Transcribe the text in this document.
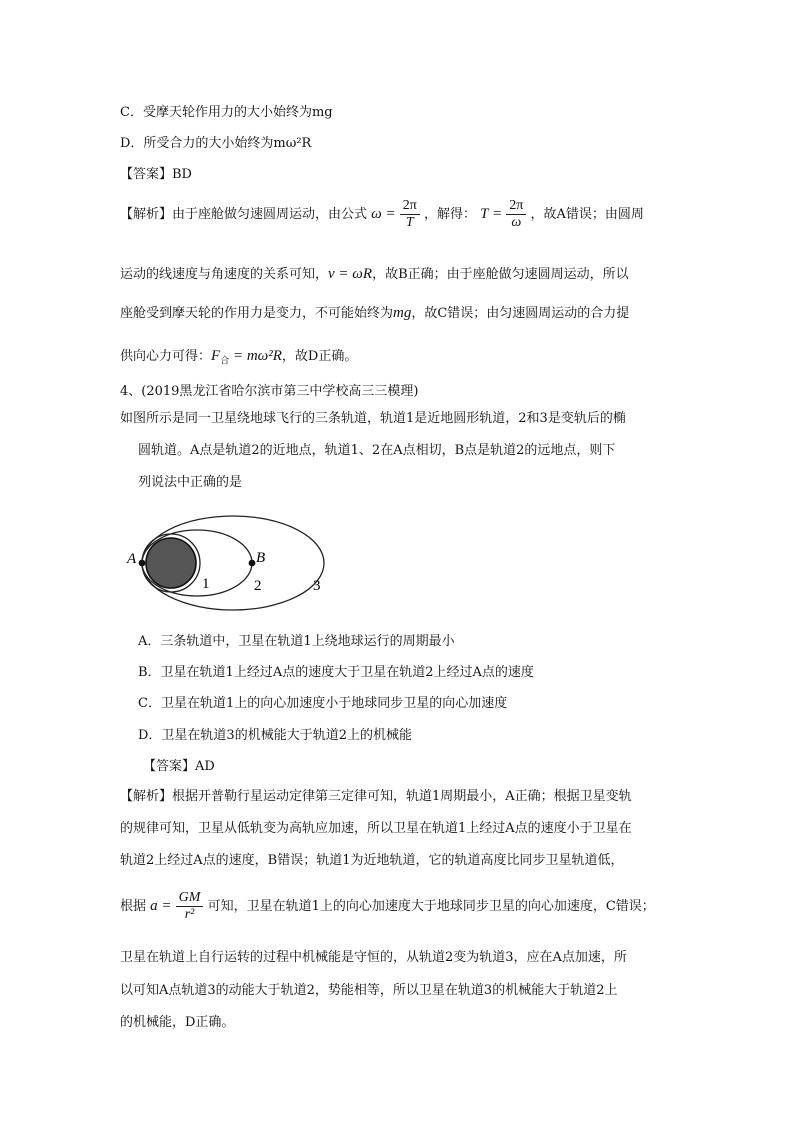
C．受摩天轮作用力的大小始终为mg
D．所受合力的大小始终为mω²R
【答案】BD
【解析】由于座舱做匀速圆周运动，由公式 $\omega = \frac{2\pi}{T}$ ，解得： $T = \frac{2\pi}{\omega}$ ，故A错误；由圆周
运动的线速度与角速度的关系可知，v = ωR，故B正确；由于座舱做匀速圆周运动，所以
座舱受到摩天轮的作用力是变力，不可能始终为mg，故C错误；由匀速圆周运动的合力提
供向心力可得：$F_合 = m\omega^2R$，故D正确。
4、(2019黑龙江省哈尔滨市第三中学校高三三模理)
如图所示是同一卫星绕地球飞行的三条轨道，轨道1是近地圆形轨道，2和3是变轨后的椭
圆轨道。A点是轨道2的近地点，轨道1、2在A点相切，B点是轨道2的远地点，则下
列说法中正确的是
A	B
1	2	3
A．三条轨道中，卫星在轨道1上绕地球运行的周期最小
B．卫星在轨道1上经过A点的速度大于卫星在轨道2上经过A点的速度
C．卫星在轨道1上的向心加速度小于地球同步卫星的向心加速度
D．卫星在轨道3的机械能大于轨道2上的机械能
【答案】AD
【解析】根据开普勒行星运动定律第三定律可知，轨道1周期最小，A正确；根据卫星变轨
的规律可知，卫星从低轨变为高轨应加速，所以卫星在轨道1上经过A点的速度小于卫星在
轨道2上经过A点的速度，B错误；轨道1为近地轨道，它的轨道高度比同步卫星轨道低，
根据 $a = \frac{GM}{\text{r²}}$ 可知，卫星在轨道1上的向心加速度大于地球同步卫星的向心加速度，C错误；
卫星在轨道上自行运转的过程中机械能是守恒的，从轨道2变为轨道3，应在A点加速，所
以可知A点轨道3的动能大于轨道2，势能相等，所以卫星在轨道3的机械能大于轨道2上
的机械能，D正确。
